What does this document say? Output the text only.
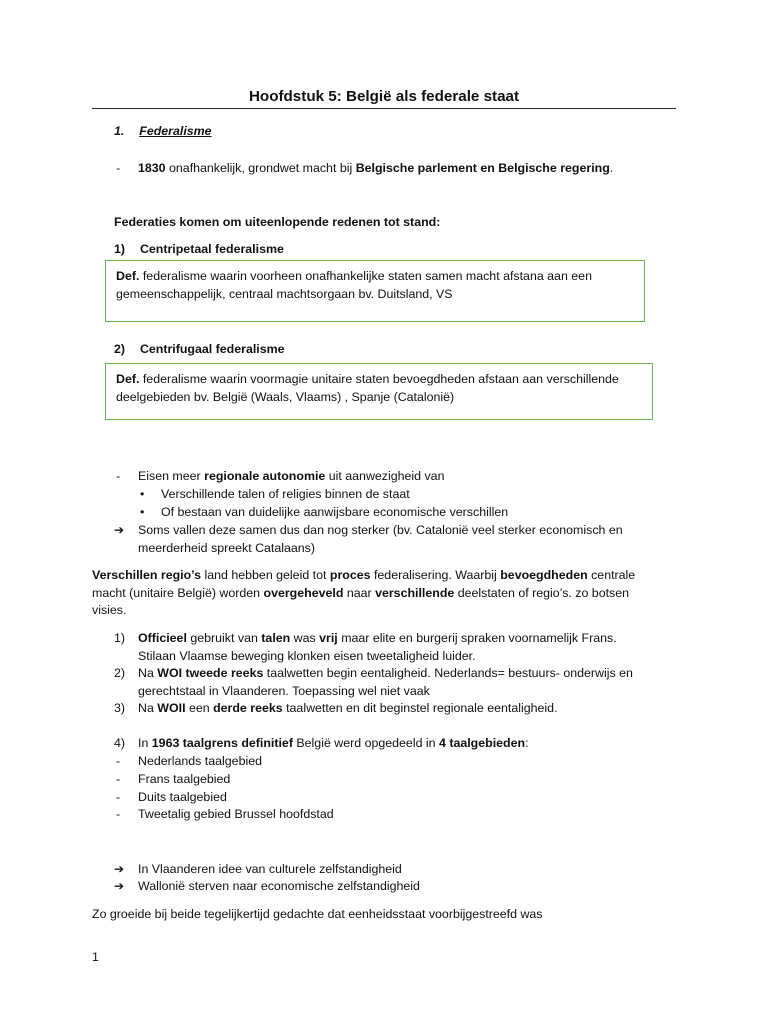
Hoofdstuk 5: België als federale staat
1. Federalisme
- 1830 onafhankelijk, grondwet macht bij Belgische parlement en Belgische regering.
Federaties komen om uiteenlopende redenen tot stand:
1) Centripetaal federalisme
Def. federalisme waarin voorheen onafhankelijke staten samen macht afstana aan een
gemeenschappelijk, centraal machtsorgaan bv. Duitsland, VS
2) Centrifugaal federalisme
Def. federalisme waarin voormagie unitaire staten bevoegdheden afstaan aan verschillende
deelgebieden bv. België (Waals, Vlaams) , Spanje (Catalonië)
- Eisen meer regionale autonomie uit aanwezigheid van
• Verschillende talen of religies binnen de staat
• Of bestaan van duidelijke aanwijsbare economische verschillen
➔ Soms vallen deze samen dus dan nog sterker (bv. Catalonië veel sterker economisch en
meerderheid spreekt Catalaans)
Verschillen regio’s land hebben geleid tot proces federalisering. Waarbij bevoegdheden centrale
macht (unitaire België) worden overgeheveld naar verschillende deelstaten of regio’s. zo botsen
visies.
1) Officieel gebruikt van talen was vrij maar elite en burgerij spraken voornamelijk Frans.
Stilaan Vlaamse beweging klonken eisen tweetaligheid luider.
2) Na WOI tweede reeks taalwetten begin eentaligheid. Nederlands= bestuurs- onderwijs en
gerechtstaal in Vlaanderen. Toepassing wel niet vaak
3) Na WOII een derde reeks taalwetten en dit beginstel regionale eentaligheid.
4) In 1963 taalgrens definitief België werd opgedeeld in 4 taalgebieden:
- Nederlands taalgebied
- Frans taalgebied
- Duits taalgebied
- Tweetalig gebied Brussel hoofdstad
➔ In Vlaanderen idee van culturele zelfstandigheid
➔ Wallonië sterven naar economische zelfstandigheid
Zo groeide bij beide tegelijkertijd gedachte dat eenheidsstaat voorbijgestreefd was
1
